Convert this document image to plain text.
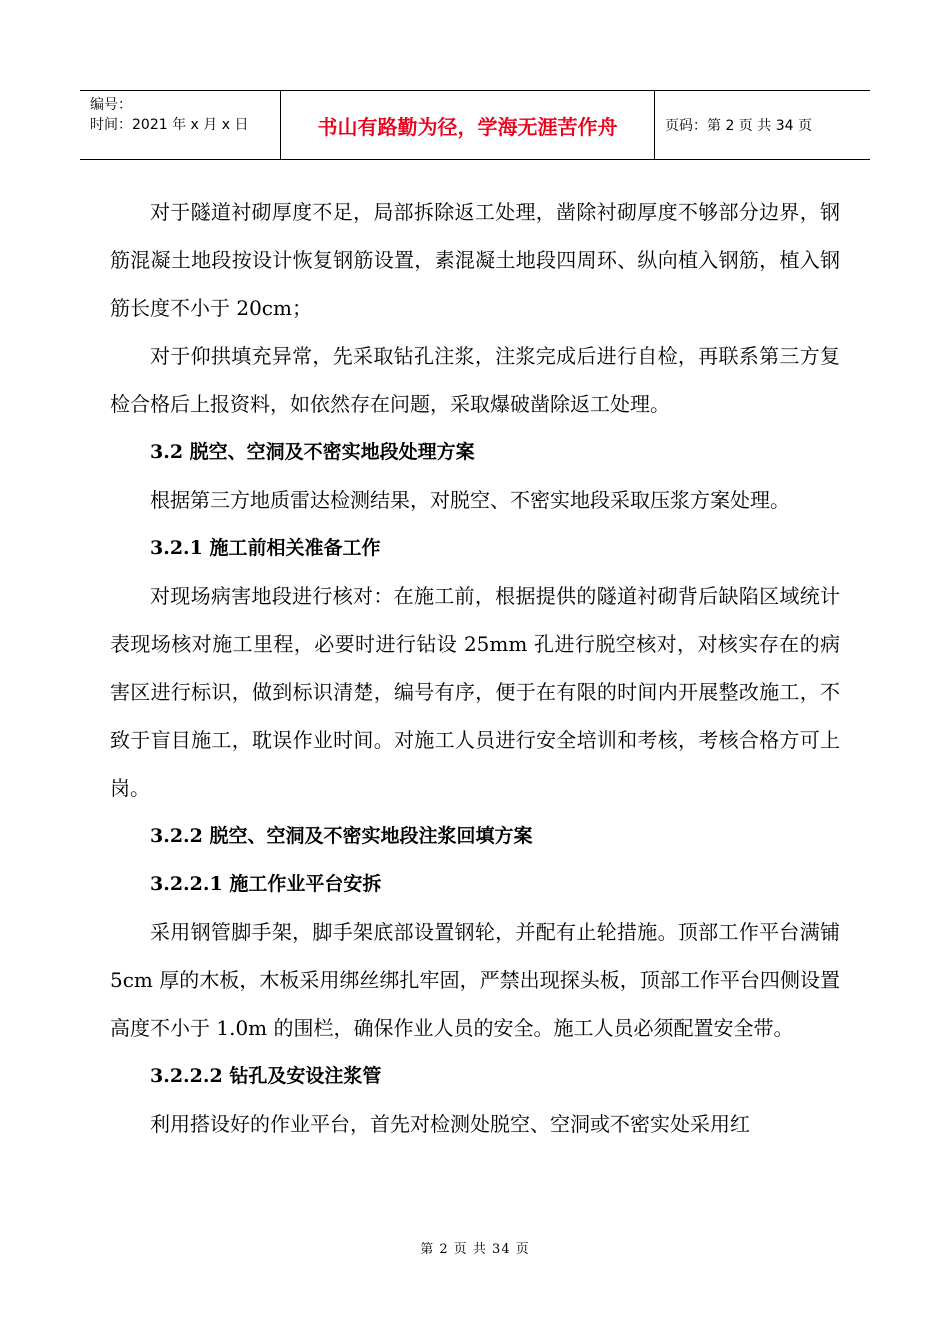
编号：
时间：2021 年 x 月 x 日	书山有路勤为径，学海无涯苦作舟	页码：第 2 页 共 34 页

对于隧道衬砌厚度不足，局部拆除返工处理，凿除衬砌厚度不够部分边界，钢筋混凝土地段按设计恢复钢筋设置，素混凝土地段四周环、纵向植入钢筋，植入钢筋长度不小于 20cm；

对于仰拱填充异常，先采取钻孔注浆，注浆完成后进行自检，再联系第三方复检合格后上报资料，如依然存在问题，采取爆破凿除返工处理。

3.2 脱空、空洞及不密实地段处理方案

根据第三方地质雷达检测结果，对脱空、不密实地段采取压浆方案处理。

3.2.1 施工前相关准备工作

对现场病害地段进行核对：在施工前，根据提供的隧道衬砌背后缺陷区域统计表现场核对施工里程，必要时进行钻设 25mm 孔进行脱空核对，对核实存在的病害区进行标识，做到标识清楚，编号有序，便于在有限的时间内开展整改施工，不致于盲目施工，耽误作业时间。对施工人员进行安全培训和考核，考核合格方可上岗。

3.2.2 脱空、空洞及不密实地段注浆回填方案

3.2.2.1 施工作业平台安拆

采用钢管脚手架，脚手架底部设置钢轮，并配有止轮措施。顶部工作平台满铺 5cm 厚的木板，木板采用绑丝绑扎牢固，严禁出现探头板，顶部工作平台四侧设置高度不小于 1.0m 的围栏，确保作业人员的安全。施工人员必须配置安全带。

3.2.2.2 钻孔及安设注浆管

利用搭设好的作业平台，首先对检测处脱空、空洞或不密实处采用红

第 2 页 共 34 页
